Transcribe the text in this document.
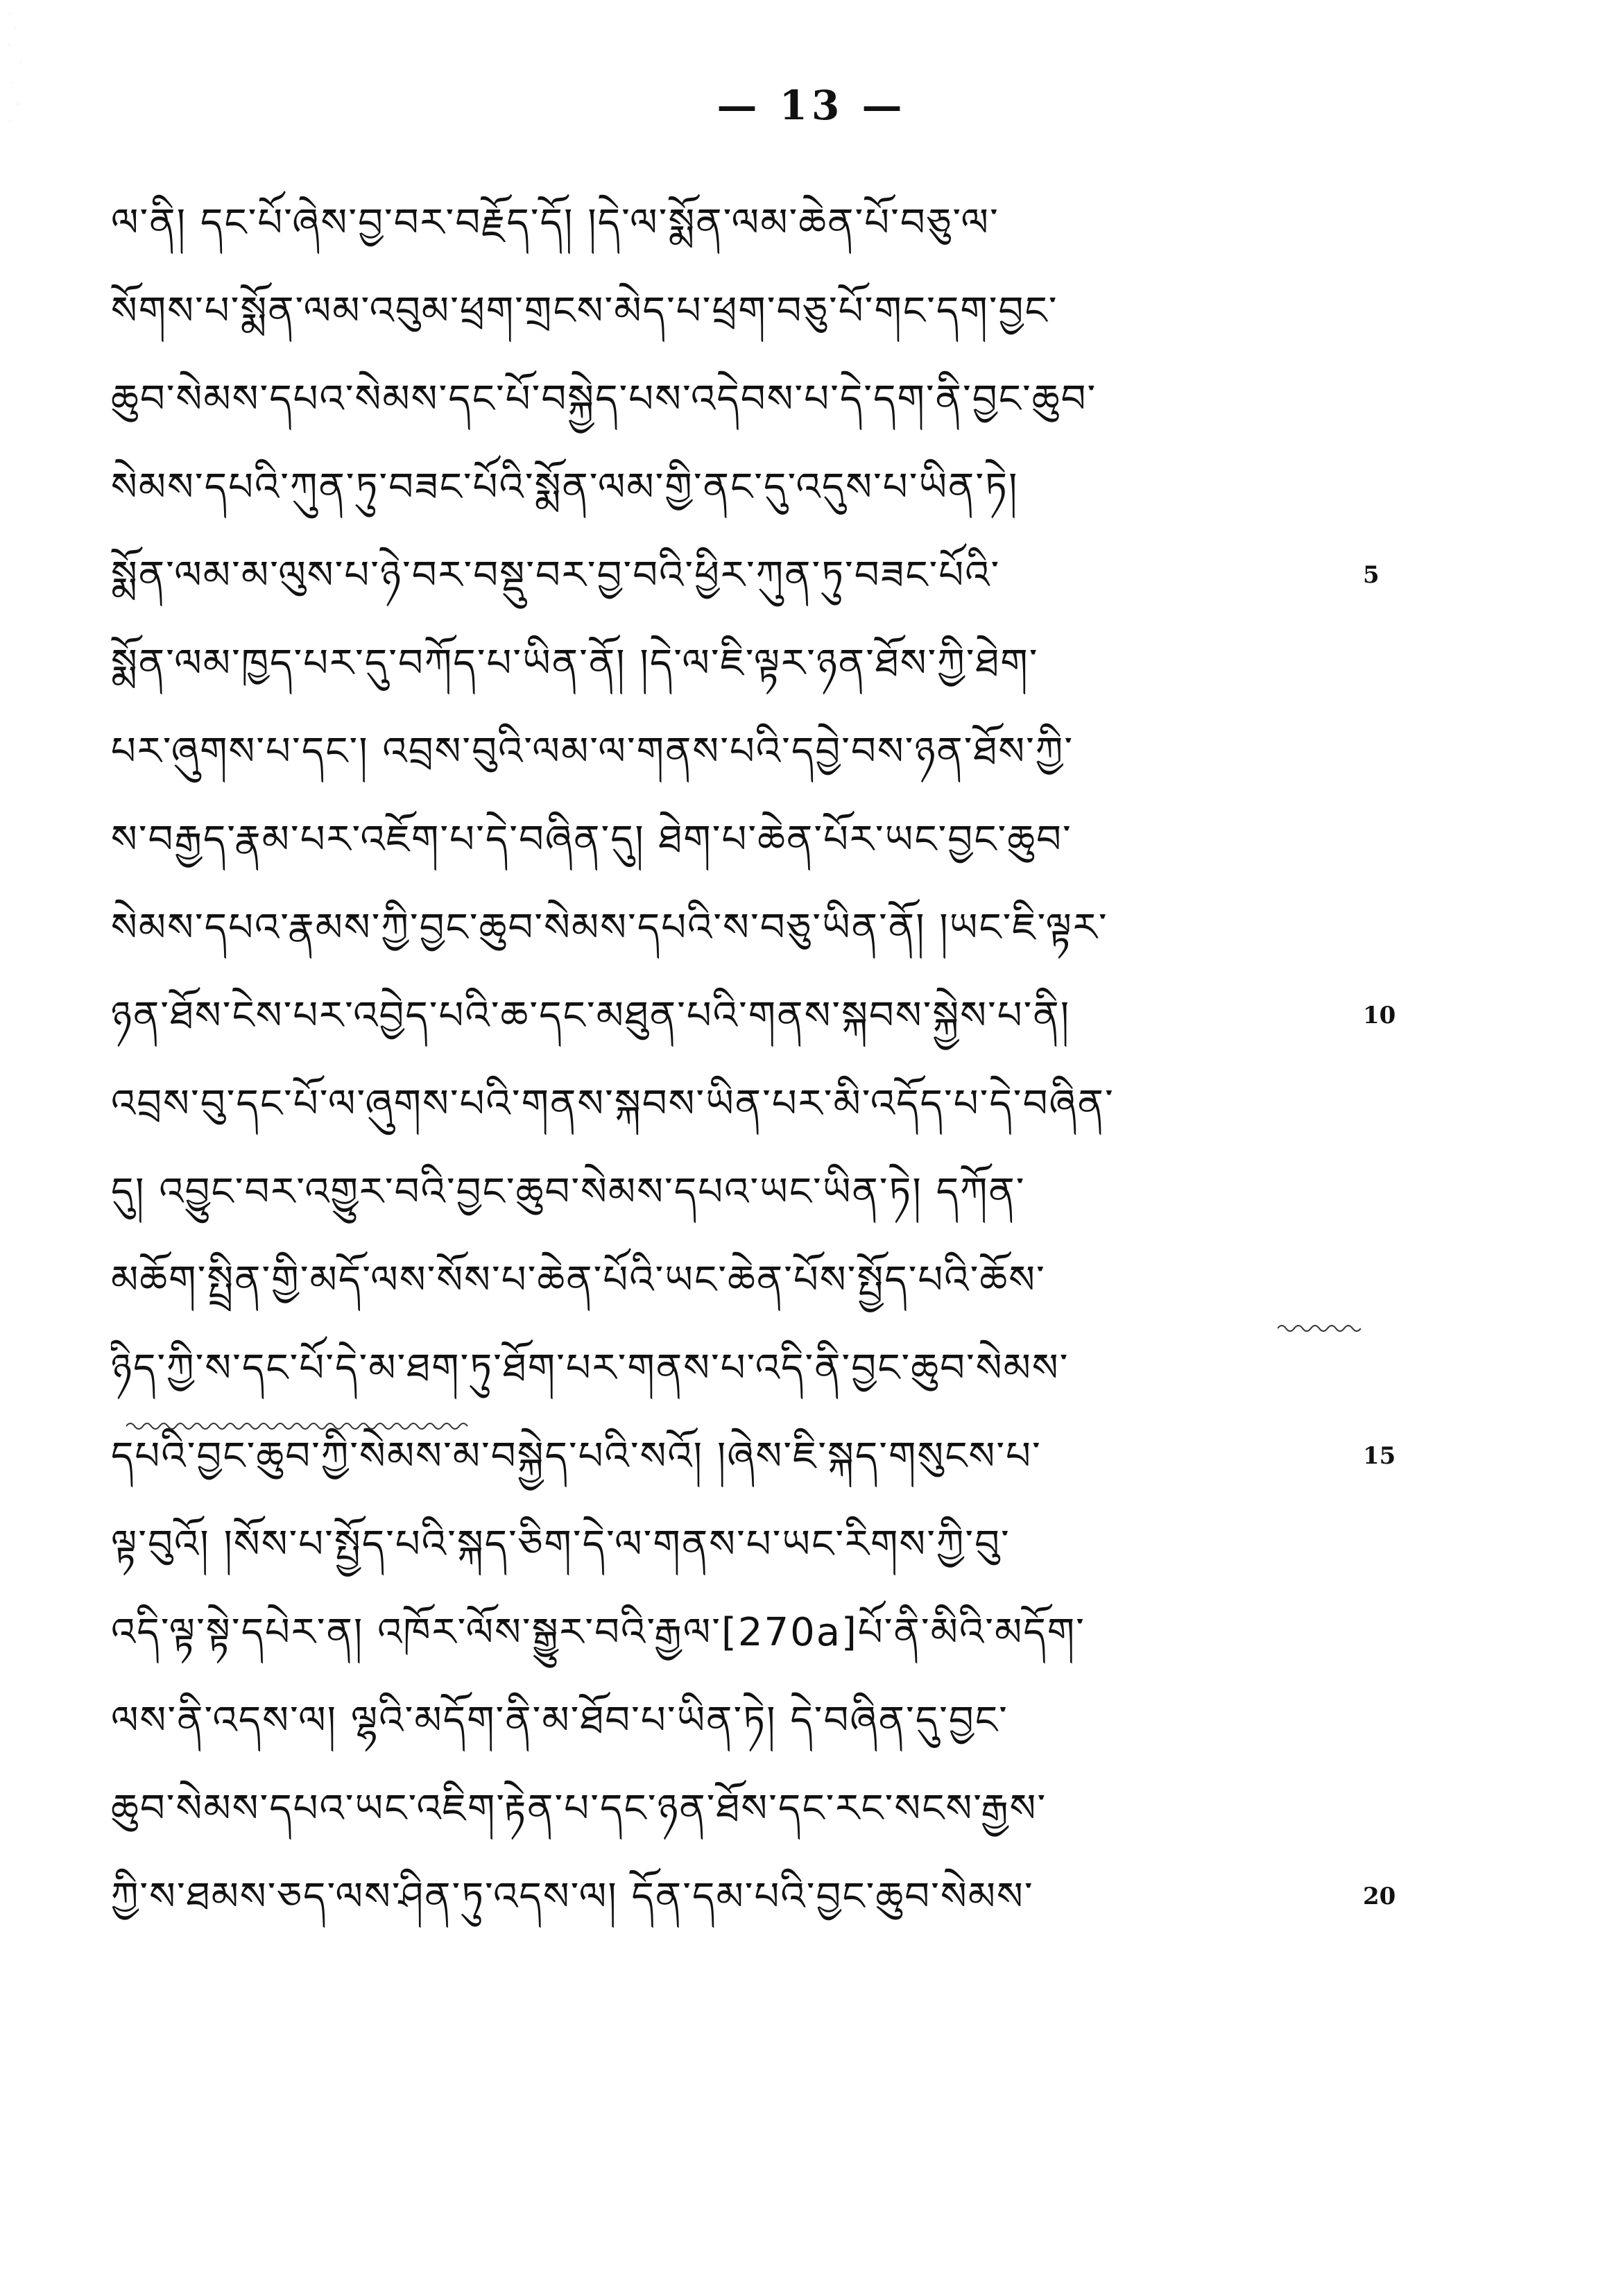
— 13 —
ལ་ནི། དང་པོ་ཞེས་བྱ་བར་བརྗོད་དོ། །དེ་ལ་སྨོན་ལམ་ཆེན་པོ་བཅུ་ལ་
སོགས་པ་སྨོན་ལམ་འབུམ་ཕྲག་གྲངས་མེད་པ་ཕྲག་བཅུ་པོ་གང་དག་བྱང་
ཆུབ་སེམས་དཔའ་སེམས་དང་པོ་བསྐྱེད་པས་འདེབས་པ་དེ་དག་ནི་བྱང་ཆུབ་
སེམས་དཔའི་ཀུན་ཏུ་བཟང་པོའི་སྨོན་ལམ་གྱི་ནང་དུ་འདུས་པ་ཡིན་ཏེ།
སྨོན་ལམ་མ་ལུས་པ་ཉེ་བར་བསྡུ་བར་བྱ་བའི་ཕྱིར་ཀུན་ཏུ་བཟང་པོའི་
སྨོན་ལམ་ཁྱད་པར་དུ་བཀོད་པ་ཡིན་ནོ། །དེ་ལ་ཇི་ལྟར་ཉན་ཐོས་ཀྱི་ཐེག་
པར་ཞུགས་པ་དང་། འབྲས་བུའི་ལམ་ལ་གནས་པའི་དབྱེ་བས་ཉན་ཐོས་ཀྱི་
ས་བརྒྱད་རྣམ་པར་འཇོག་པ་དེ་བཞིན་དུ། ཐེག་པ་ཆེན་པོར་ཡང་བྱང་ཆུབ་
སེམས་དཔའ་རྣམས་ཀྱི་བྱང་ཆུབ་སེམས་དཔའི་ས་བཅུ་ཡིན་ནོ། །ཡང་ཇི་ལྟར་
ཉན་ཐོས་ངེས་པར་འབྱེད་པའི་ཆ་དང་མཐུན་པའི་གནས་སྐབས་སྐྱེས་པ་ནི།
འབྲས་བུ་དང་པོ་ལ་ཞུགས་པའི་གནས་སྐབས་ཡིན་པར་མི་འདོད་པ་དེ་བཞིན་
དུ། འབྱུང་བར་འགྱུར་བའི་བྱང་ཆུབ་སེམས་དཔའ་ཡང་ཡིན་ཏེ། དཀོན་
མཆོག་སྤྲིན་གྱི་མདོ་ལས་སོས་པ་ཆེན་པོའི་ཡང་ཆེན་པོས་སྤྱོད་པའི་ཆོས་
ཉིད་ཀྱི་ས་དང་པོ་དེ་མ་ཐག་ཏུ་ཐོག་པར་གནས་པ་འདི་ནི་བྱང་ཆུབ་སེམས་
དཔའི་བྱང་ཆུབ་ཀྱི་སེམས་མ་བསྐྱེད་པའི་སའོ། །ཞེས་ཇི་སྐད་གསུངས་པ་
ལྟ་བུའོ། །སོས་པ་སྤྱོད་པའི་སྐད་ཅིག་དེ་ལ་གནས་པ་ཡང་རིགས་ཀྱི་བུ་
འདི་ལྟ་སྟེ་དཔེར་ན། འཁོར་ལོས་སྒྱུར་བའི་རྒྱལ་[270a]པོ་ནི་མིའི་མདོག་
ལས་ནི་འདས་ལ། ལྷའི་མདོག་ནི་མ་ཐོབ་པ་ཡིན་ཏེ། དེ་བཞིན་དུ་བྱང་
ཆུབ་སེམས་དཔའ་ཡང་འཇིག་རྟེན་པ་དང་ཉན་ཐོས་དང་རང་སངས་རྒྱས་
ཀྱི་ས་ཐམས་ཅད་ལས་ཤིན་ཏུ་འདས་ལ། དོན་དམ་པའི་བྱང་ཆུབ་སེམས་
5
10
15
20
